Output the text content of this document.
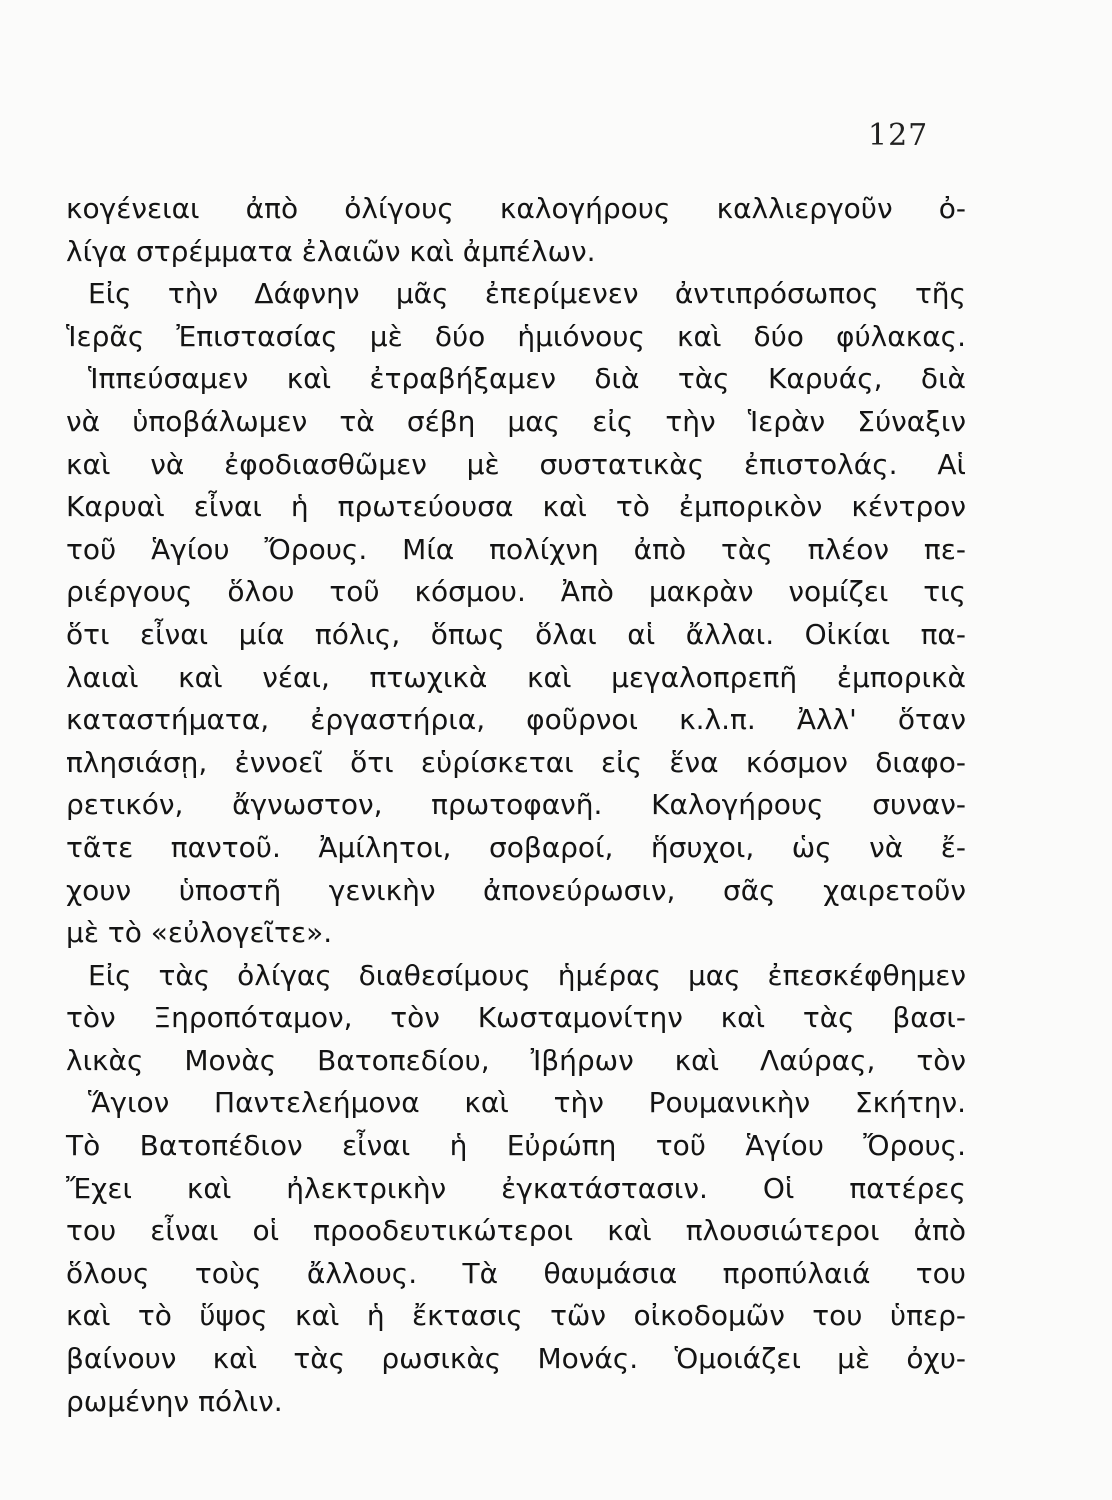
127
κογένειαι ἀπὸ ὀλίγους καλογήρους καλλιεργοῦν ὀ-
λίγα στρέμματα ἐλαιῶν καὶ ἀμπέλων.
Εἰς τὴν Δάφνην μᾶς ἐπερίμενεν ἀντιπρόσωπος τῆς
Ἱερᾶς Ἐπιστασίας μὲ δύο ἡμιόνους καὶ δύο φύλακας.
Ἱππεύσαμεν καὶ ἐτραβήξαμεν διὰ τὰς Καρυάς, διὰ
νὰ ὑποβάλωμεν τὰ σέβη μας εἰς τὴν Ἱερὰν Σύναξιν
καὶ νὰ ἐφοδιασθῶμεν μὲ συστατικὰς ἐπιστολάς. Αἱ
Καρυαὶ εἶναι ἡ πρωτεύουσα καὶ τὸ ἐμπορικὸν κέντρον
τοῦ Ἁγίου Ὄρους. Μία πολίχνη ἀπὸ τὰς πλέον πε-
ριέργους ὅλου τοῦ κόσμου. Ἀπὸ μακρὰν νομίζει τις
ὅτι εἶναι μία πόλις, ὅπως ὅλαι αἱ ἄλλαι. Οἰκίαι πα-
λαιαὶ καὶ νέαι, πτωχικὰ καὶ μεγαλοπρεπῆ ἐμπορικὰ
καταστήματα, ἐργαστήρια, φοῦρνοι κ.λ.π. Ἀλλ' ὅταν
πλησιάσῃ, ἐννοεῖ ὅτι εὑρίσκεται εἰς ἕνα κόσμον διαφο-
ρετικόν, ἄγνωστον, πρωτοφανῆ. Καλογήρους συναν-
τᾶτε παντοῦ. Ἀμίλητοι, σοβαροί, ἥσυχοι, ὡς νὰ ἔ-
χουν ὑποστῆ γενικὴν ἀπονεύρωσιν, σᾶς χαιρετοῦν
μὲ τὸ «εὐλογεῖτε».
Εἰς τὰς ὀλίγας διαθεσίμους ἡμέρας μας ἐπεσκέφθημεν
τὸν Ξηροπόταμον, τὸν Κωσταμονίτην καὶ τὰς βασι-
λικὰς Μονὰς Βατοπεδίου, Ἰβήρων καὶ Λαύρας, τὸν
Ἅγιον Παντελεήμονα καὶ τὴν Ρουμανικὴν Σκήτην.
Τὸ Βατοπέδιον εἶναι ἡ Εὐρώπη τοῦ Ἁγίου Ὄρους.
Ἔχει καὶ ἠλεκτρικὴν ἐγκατάστασιν. Οἱ πατέρες
του εἶναι οἱ προοδευτικώτεροι καὶ πλουσιώτεροι ἀπὸ
ὅλους τοὺς ἄλλους. Τὰ θαυμάσια προπύλαιά του
καὶ τὸ ὕψος καὶ ἡ ἔκτασις τῶν οἰκοδομῶν του ὑπερ-
βαίνουν καὶ τὰς ρωσικὰς Μονάς. Ὁμοιάζει μὲ ὀχυ-
ρωμένην πόλιν.
